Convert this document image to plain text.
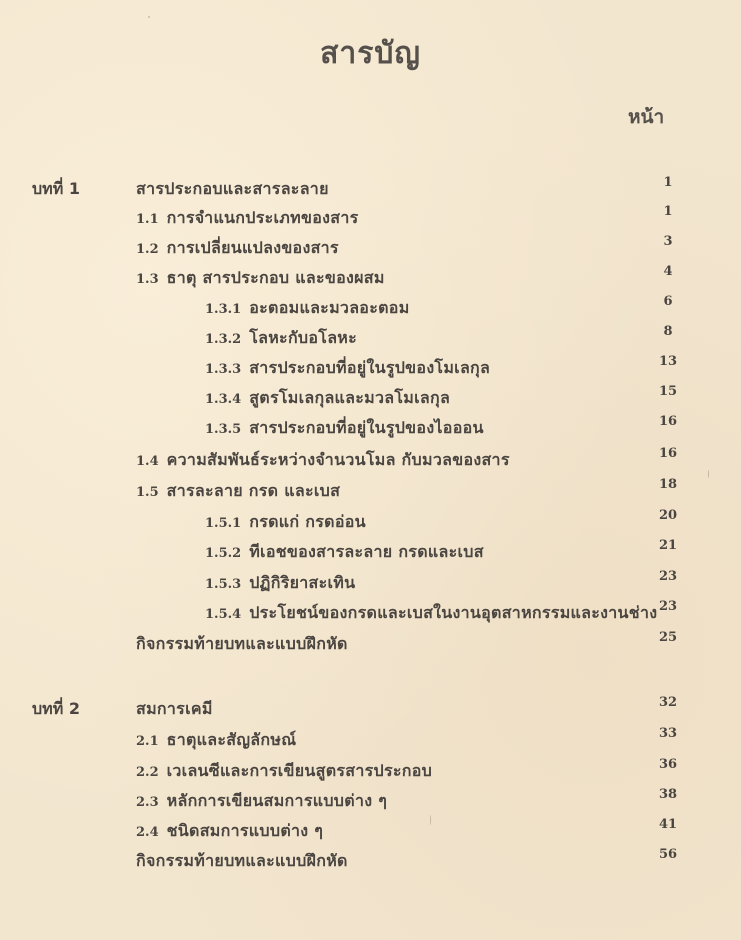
สารบัญ
หน้า
บทที่ 1	สารประกอบและสารละลาย	1
1.1 การจำแนกประเภทของสาร	1
1.2 การเปลี่ยนแปลงของสาร	3
1.3 ธาตุ สารประกอบ และของผสม	4
1.3.1 อะตอมและมวลอะตอม	6
1.3.2 โลหะกับอโลหะ	8
1.3.3 สารประกอบที่อยู่ในรูปของโมเลกุล	13
1.3.4 สูตรโมเลกุลและมวลโมเลกุล	15
1.3.5 สารประกอบที่อยู่ในรูปของไอออน	16
1.4 ความสัมพันธ์ระหว่างจำนวนโมล กับมวลของสาร	16
1.5 สารละลาย กรด และเบส	18
1.5.1 กรดแก่ กรดอ่อน	20
1.5.2 ทีเอชของสารละลาย กรดและเบส	21
1.5.3 ปฏิกิริยาสะเทิน	23
1.5.4 ประโยชน์ของกรดและเบสในงานอุตสาหกรรมและงานช่าง 23
กิจกรรมท้ายบทและแบบฝึกหัด	25
บทที่ 2	สมการเคมี	32
2.1 ธาตุและสัญลักษณ์	33
2.2 เวเลนซีและการเขียนสูตรสารประกอบ	36
2.3 หลักการเขียนสมการแบบต่าง ๆ	38
2.4 ชนิดสมการแบบต่าง ๆ	41
กิจกรรมท้ายบทและแบบฝึกหัด	56
